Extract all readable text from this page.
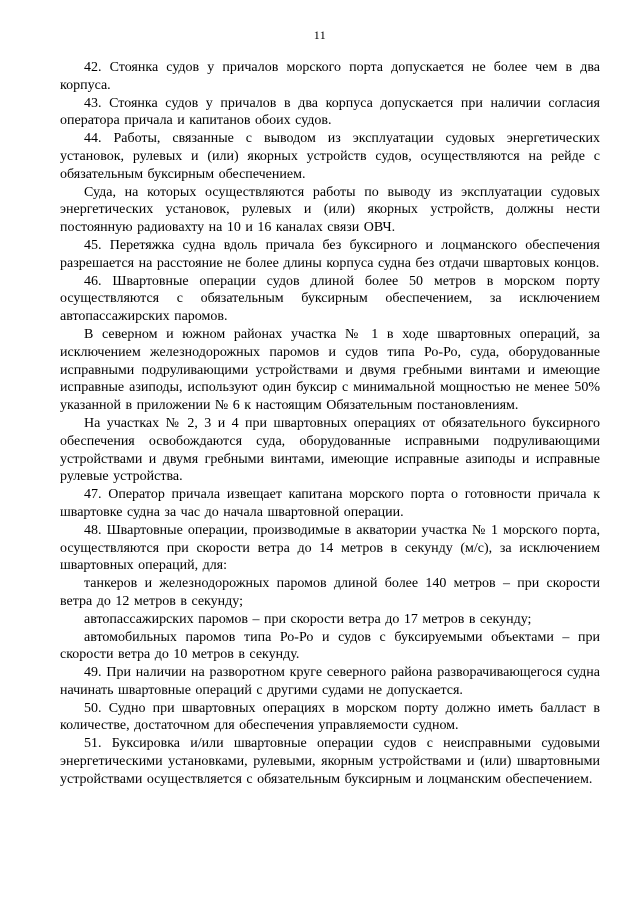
11

42. Стоянка судов у причалов морского порта допускается не более чем в два корпуса.

43. Стоянка судов у причалов в два корпуса допускается при наличии согласия оператора причала и капитанов обоих судов.

44. Работы, связанные с выводом из эксплуатации судовых энергетических установок, рулевых и (или) якорных устройств судов, осуществляются на рейде с обязательным буксирным обеспечением.

Суда, на которых осуществляются работы по выводу из эксплуатации судовых энергетических установок, рулевых и (или) якорных устройств, должны нести постоянную радиовахту на 10 и 16 каналах связи ОВЧ.

45. Перетяжка судна вдоль причала без буксирного и лоцманского обеспечения разрешается на расстояние не более длины корпуса судна без отдачи швартовых концов.

46. Швартовные операции судов длиной более 50 метров в морском порту осуществляются с обязательным буксирным обеспечением, за исключением автопассажирских паромов.

В северном и южном районах участка № 1 в ходе швартовных операций, за исключением железнодорожных паромов и судов типа Ро-Ро, суда, оборудованные исправными подруливающими устройствами и двумя гребными винтами и имеющие исправные азиподы, используют один буксир с минимальной мощностью не менее 50% указанной в приложении № 6 к настоящим Обязательным постановлениям.

На участках № 2, 3 и 4 при швартовных операциях от обязательного буксирного обеспечения освобождаются суда, оборудованные исправными подруливающими устройствами и двумя гребными винтами, имеющие исправные азиподы и исправные рулевые устройства.

47. Оператор причала извещает капитана морского порта о готовности причала к швартовке судна за час до начала швартовной операции.

48. Швартовные операции, производимые в акватории участка № 1 морского порта, осуществляются при скорости ветра до 14 метров в секунду (м/с), за исключением швартовных операций, для:

танкеров и железнодорожных паромов длиной более 140 метров – при скорости ветра до 12 метров в секунду;

автопассажирских паромов – при скорости ветра до 17 метров в секунду;

автомобильных паромов типа Ро-Ро и судов с буксируемыми объектами – при скорости ветра до 10 метров в секунду.

49. При наличии на разворотном круге северного района разворачивающегося судна начинать швартовные операций с другими судами не допускается.

50. Судно при швартовных операциях в морском порту должно иметь балласт в количестве, достаточном для обеспечения управляемости судном.

51. Буксировка и/или швартовные операции судов с неисправными судовыми энергетическими установками, рулевыми, якорным устройствами и (или) швартовными устройствами осуществляется с обязательным буксирным и лоцманским обеспечением.
